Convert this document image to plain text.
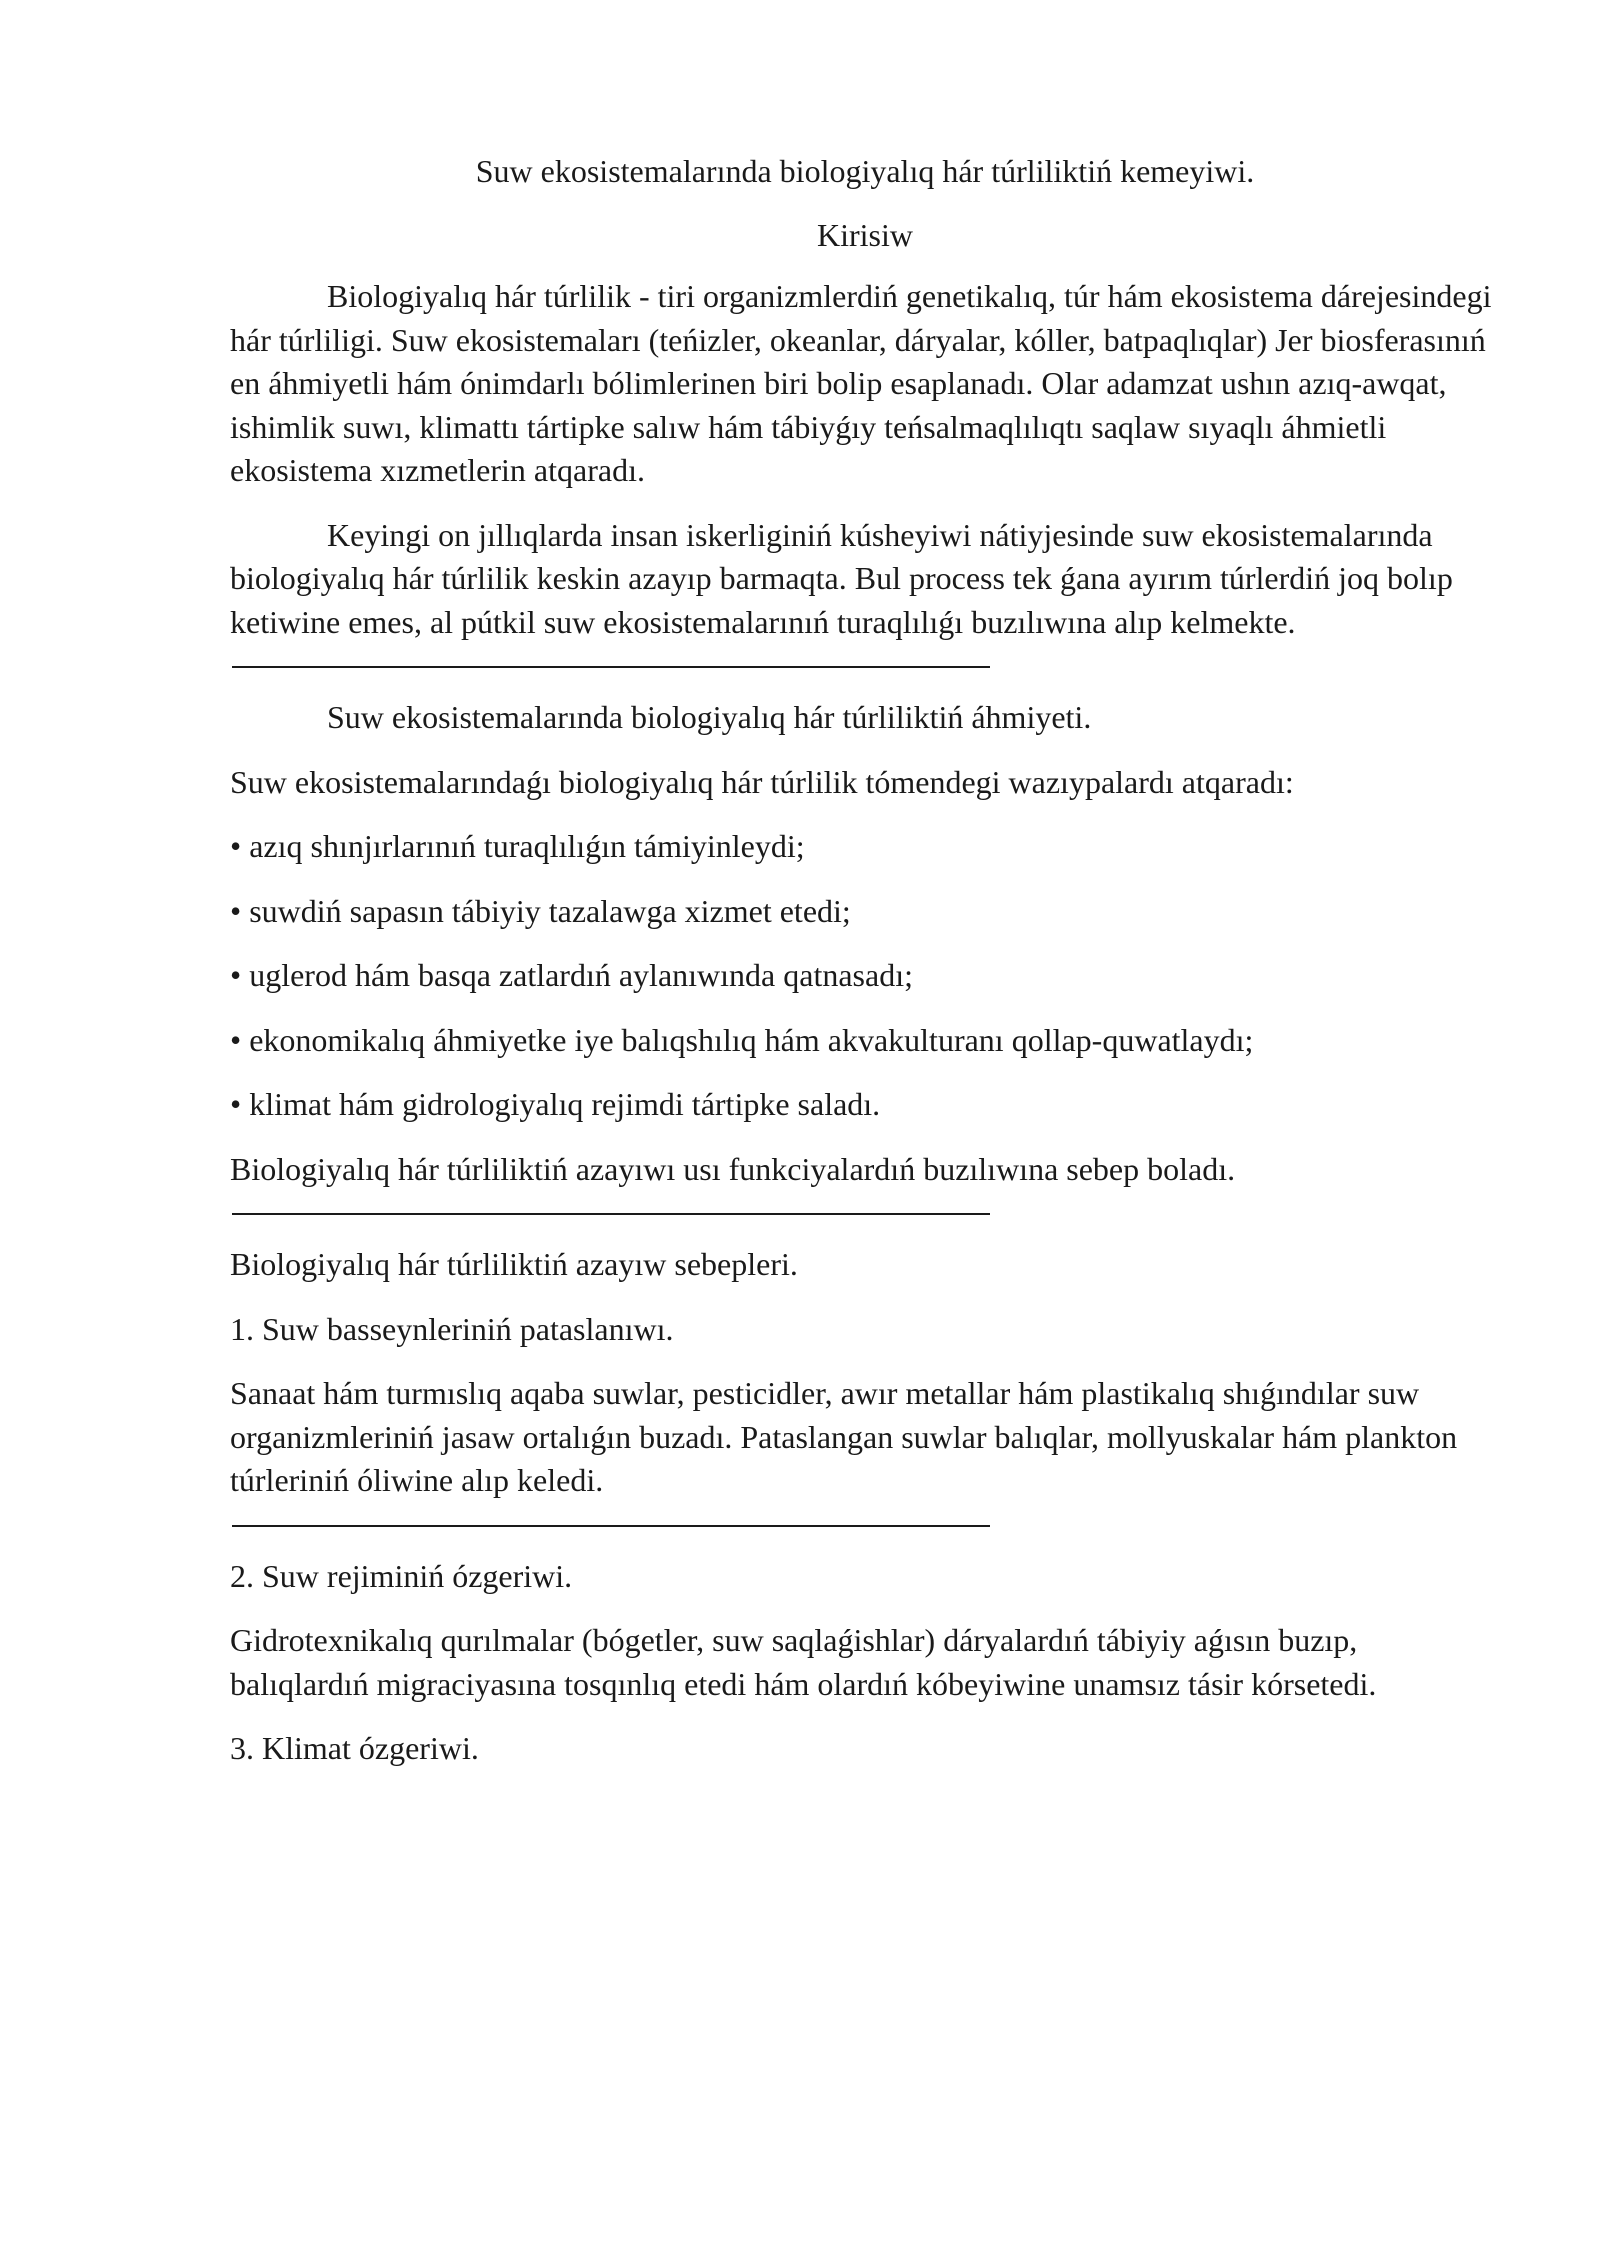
Suw ekosistemalarında biologiyalıq hár túrliliktiń kemeyiwi.

Kirisiw

Biologiyalıq hár túrlilik - tiri organizmlerdiń genetikalıq, túr hám ekosistema dárejesindegi hár túrliligi. Suw ekosistemaları (teńizler, okeanlar, dáryalar, kóller, batpaqlıqlar) Jer biosferasınıń en áhmiyetli hám ónimdarlı bólimlerinen biri bolip esaplanadı. Olar adamzat ushın azıq-awqat, ishimlik suwı, klimattı tártipke salıw hám tábiyǵıy teńsalmaqlılıqtı saqlaw sıyaqlı áhmietli ekosistema xızmetlerin atqaradı.

Keyingi on jıllıqlarda insan iskerliginiń kúsheyiwi nátiyjesinde suw ekosistemalarında biologiyalıq hár túrlilik keskin azayıp barmaqta. Bul process tek ǵana ayırım túrlerdiń joq bolıp ketiwine emes, al pútkil suw ekosistemalarınıń turaqlılıǵı buzılıwına alıp kelmekte.

Suw ekosistemalarında biologiyalıq hár túrliliktiń áhmiyeti.

Suw ekosistemalarındaǵı biologiyalıq hár túrlilik tómendegi wazıypalardı atqaradı:

• azıq shınjırlarınıń turaqlılıǵın támiyinleydi;

• suwdiń sapasın tábiyiy tazalawga xizmet etedi;

• uglerod hám basqa zatlardıń aylanıwında qatnasadı;

• ekonomikalıq áhmiyetke iye balıqshılıq hám akvakulturanı qollap-quwatlaydı;

• klimat hám gidrologiyalıq rejimdi tártipke saladı.

Biologiyalıq hár túrliliktiń azayıwı usı funkciyalardıń buzılıwına sebep boladı.

Biologiyalıq hár túrliliktiń azayıw sebepleri.

1. Suw basseynleriniń pataslanıwı.

Sanaat hám turmıslıq aqaba suwlar, pesticidler, awır metallar hám plastikalıq shıǵındılar suw organizmleriniń jasaw ortalıǵın buzadı. Pataslangan suwlar balıqlar, mollyuskalar hám plankton túrleriniń óliwine alıp keledi.

2. Suw rejiminiń ózgeriwi.

Gidrotexnikalıq qurılmalar (bógetler, suw saqlaǵishlar) dáryalardıń tábiyiy aǵısın buzıp, balıqlardıń migraciyasına tosqınlıq etedi hám olardıń kóbeyiwine unamsız tásir kórsetedi.

3. Klimat ózgeriwi.
